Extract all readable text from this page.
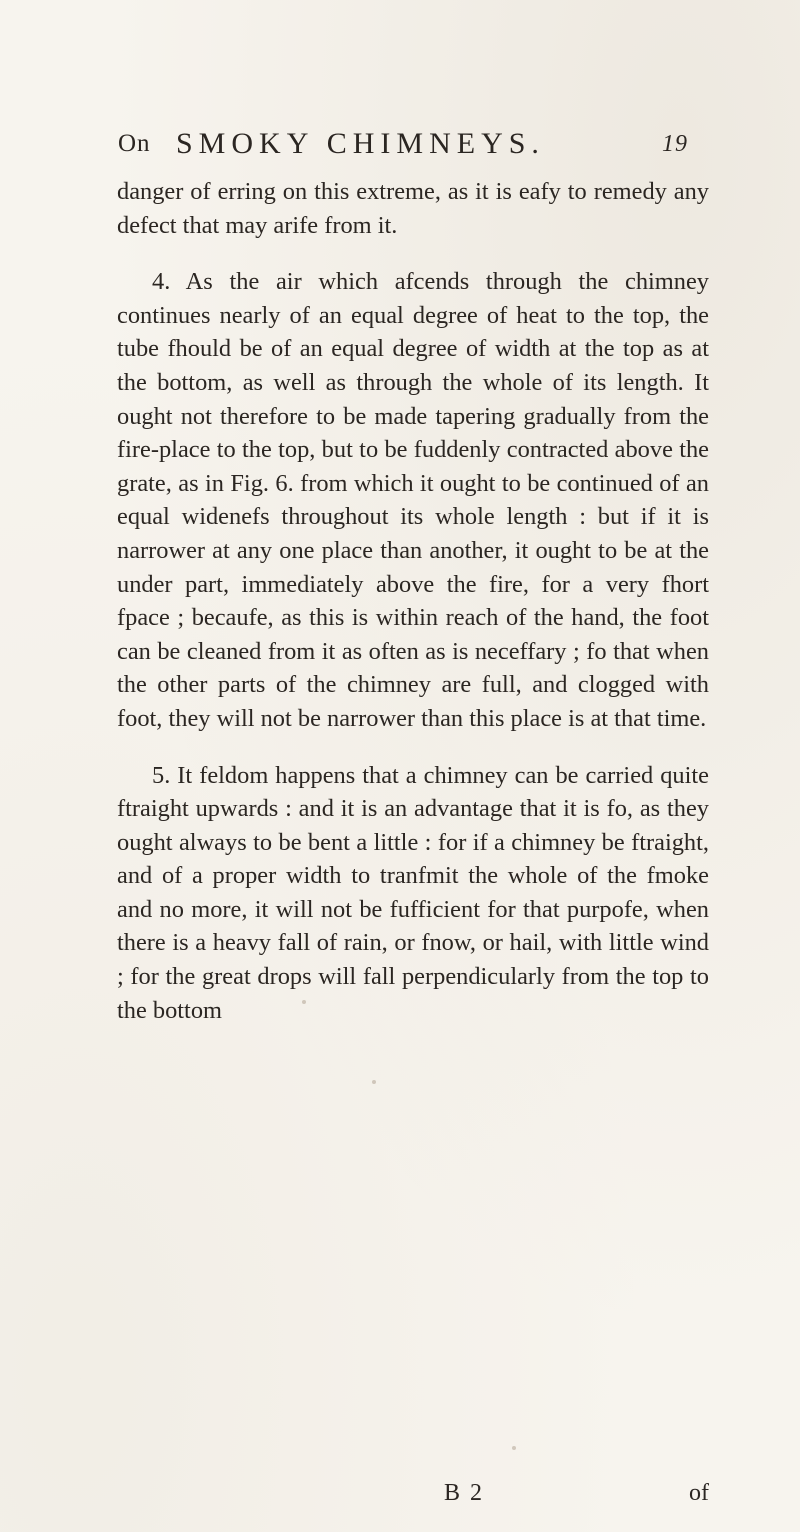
On SMOKY CHIMNEYS.	19

danger of erring on this extreme, as it is eafy to remedy any defect that may arife from it.

4. As the air which afcends through the chimney continues nearly of an equal degree of heat to the top, the tube fhould be of an equal degree of width at the top as at the bottom, as well as through the whole of its length. It ought not therefore to be made tapering gradually from the fire-place to the top, but to be fuddenly contracted above the grate, as in Fig. 6. from which it ought to be continued of an equal widenefs throughout its whole length : but if it is narrower at any one place than another, it ought to be at the under part, immediately above the fire, for a very fhort fpace ; becaufe, as this is within reach of the hand, the foot can be cleaned from it as often as is neceffary ; fo that when the other parts of the chimney are full, and clogged with foot, they will not be narrower than this place is at that time.

5. It feldom happens that a chimney can be carried quite ftraight upwards : and it is an advantage that it is fo, as they ought always to be bent a little : for if a chimney be ftraight, and of a proper width to tranfmit the whole of the fmoke and no more, it will not be fufficient for that purpofe, when there is a heavy fall of rain, or fnow, or hail, with little wind ; for the great drops will fall perpendicularly from the top to the bottom

B 2	of
